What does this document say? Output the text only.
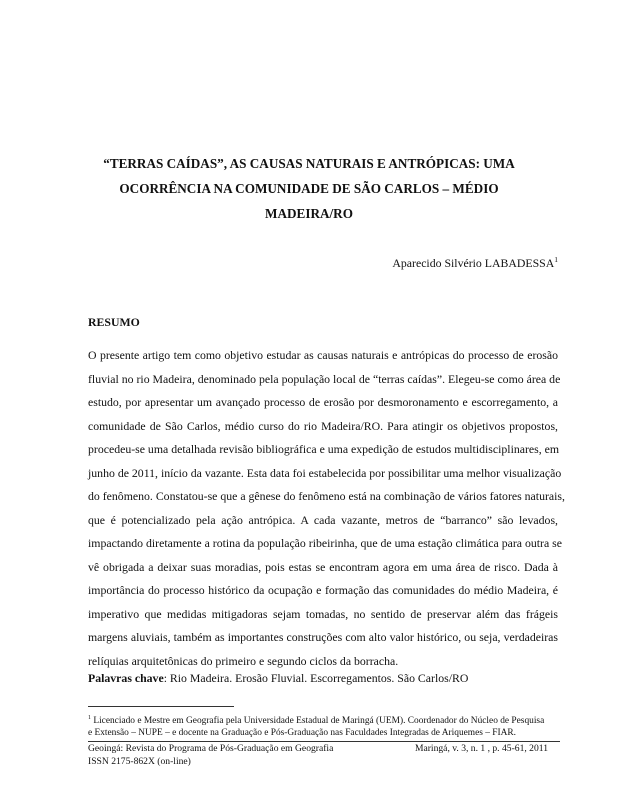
“TERRAS CAÍDAS”, AS CAUSAS NATURAIS E ANTRÓPICAS: UMA
OCORRÊNCIA NA COMUNIDADE DE SÃO CARLOS – MÉDIO
MADEIRA/RO
Aparecido Silvério LABADESSA$^1$
RESUMO
O presente artigo tem como objetivo estudar as causas naturais e antrópicas do processo de erosão
fluvial no rio Madeira, denominado pela população local de “terras caídas”. Elegeu-se como área de
estudo, por apresentar um avançado processo de erosão por desmoronamento e escorregamento, a
comunidade de São Carlos, médio curso do rio Madeira/RO. Para atingir os objetivos propostos,
procedeu-se uma detalhada revisão bibliográfica e uma expedição de estudos multidisciplinares, em
junho de 2011, início da vazante. Esta data foi estabelecida por possibilitar uma melhor visualização
do fenômeno. Constatou-se que a gênese do fenômeno está na combinação de vários fatores naturais,
que é potencializado pela ação antrópica. A cada vazante, metros de “barranco” são levados,
impactando diretamente a rotina da população ribeirinha, que de uma estação climática para outra se
vê obrigada a deixar suas moradias, pois estas se encontram agora em uma área de risco. Dada à
importância do processo histórico da ocupação e formação das comunidades do médio Madeira, é
imperativo que medidas mitigadoras sejam tomadas, no sentido de preservar além das frágeis
margens aluviais, também as importantes construções com alto valor histórico, ou seja, verdadeiras
relíquias arquitetônicas do primeiro e segundo ciclos da borracha.
Palavras chave: Rio Madeira. Erosão Fluvial. Escorregamentos. São Carlos/RO
$^1$ Licenciado e Mestre em Geografia pela Universidade Estadual de Maringá (UEM). Coordenador do Núcleo de Pesquisa
e Extensão – NUPE – e docente na Graduação e Pós-Graduação nas Faculdades Integradas de Ariquemes – FIAR.
Geoingá: Revista do Programa de Pós-Graduação em Geografia	Maringá, v. 3, n. 1 , p. 45-61, 2011
ISSN 2175-862X (on-line)
